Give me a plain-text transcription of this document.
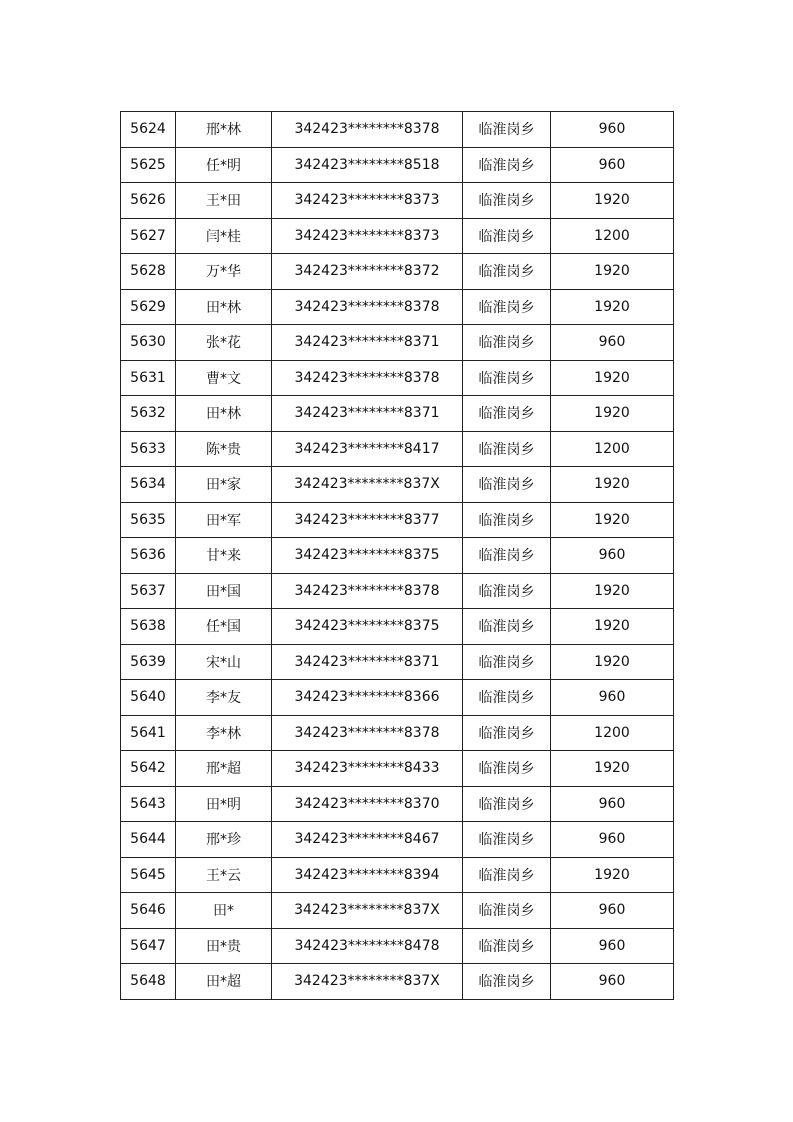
5624	邢*林	342423********8378	临淮岗乡	960
5625	任*明	342423********8518	临淮岗乡	960
5626	王*田	342423********8373	临淮岗乡	1920
5627	闫*桂	342423********8373	临淮岗乡	1200
5628	万*华	342423********8372	临淮岗乡	1920
5629	田*林	342423********8378	临淮岗乡	1920
5630	张*花	342423********8371	临淮岗乡	960
5631	曹*文	342423********8378	临淮岗乡	1920
5632	田*林	342423********8371	临淮岗乡	1920
5633	陈*贵	342423********8417	临淮岗乡	1200
5634	田*家	342423********837X	临淮岗乡	1920
5635	田*军	342423********8377	临淮岗乡	1920
5636	甘*来	342423********8375	临淮岗乡	960
5637	田*国	342423********8378	临淮岗乡	1920
5638	任*国	342423********8375	临淮岗乡	1920
5639	宋*山	342423********8371	临淮岗乡	1920
5640	李*友	342423********8366	临淮岗乡	960
5641	李*林	342423********8378	临淮岗乡	1200
5642	邢*超	342423********8433	临淮岗乡	1920
5643	田*明	342423********8370	临淮岗乡	960
5644	邢*珍	342423********8467	临淮岗乡	960
5645	王*云	342423********8394	临淮岗乡	1920
5646	田*	342423********837X	临淮岗乡	960
5647	田*贵	342423********8478	临淮岗乡	960
5648	田*超	342423********837X	临淮岗乡	960
